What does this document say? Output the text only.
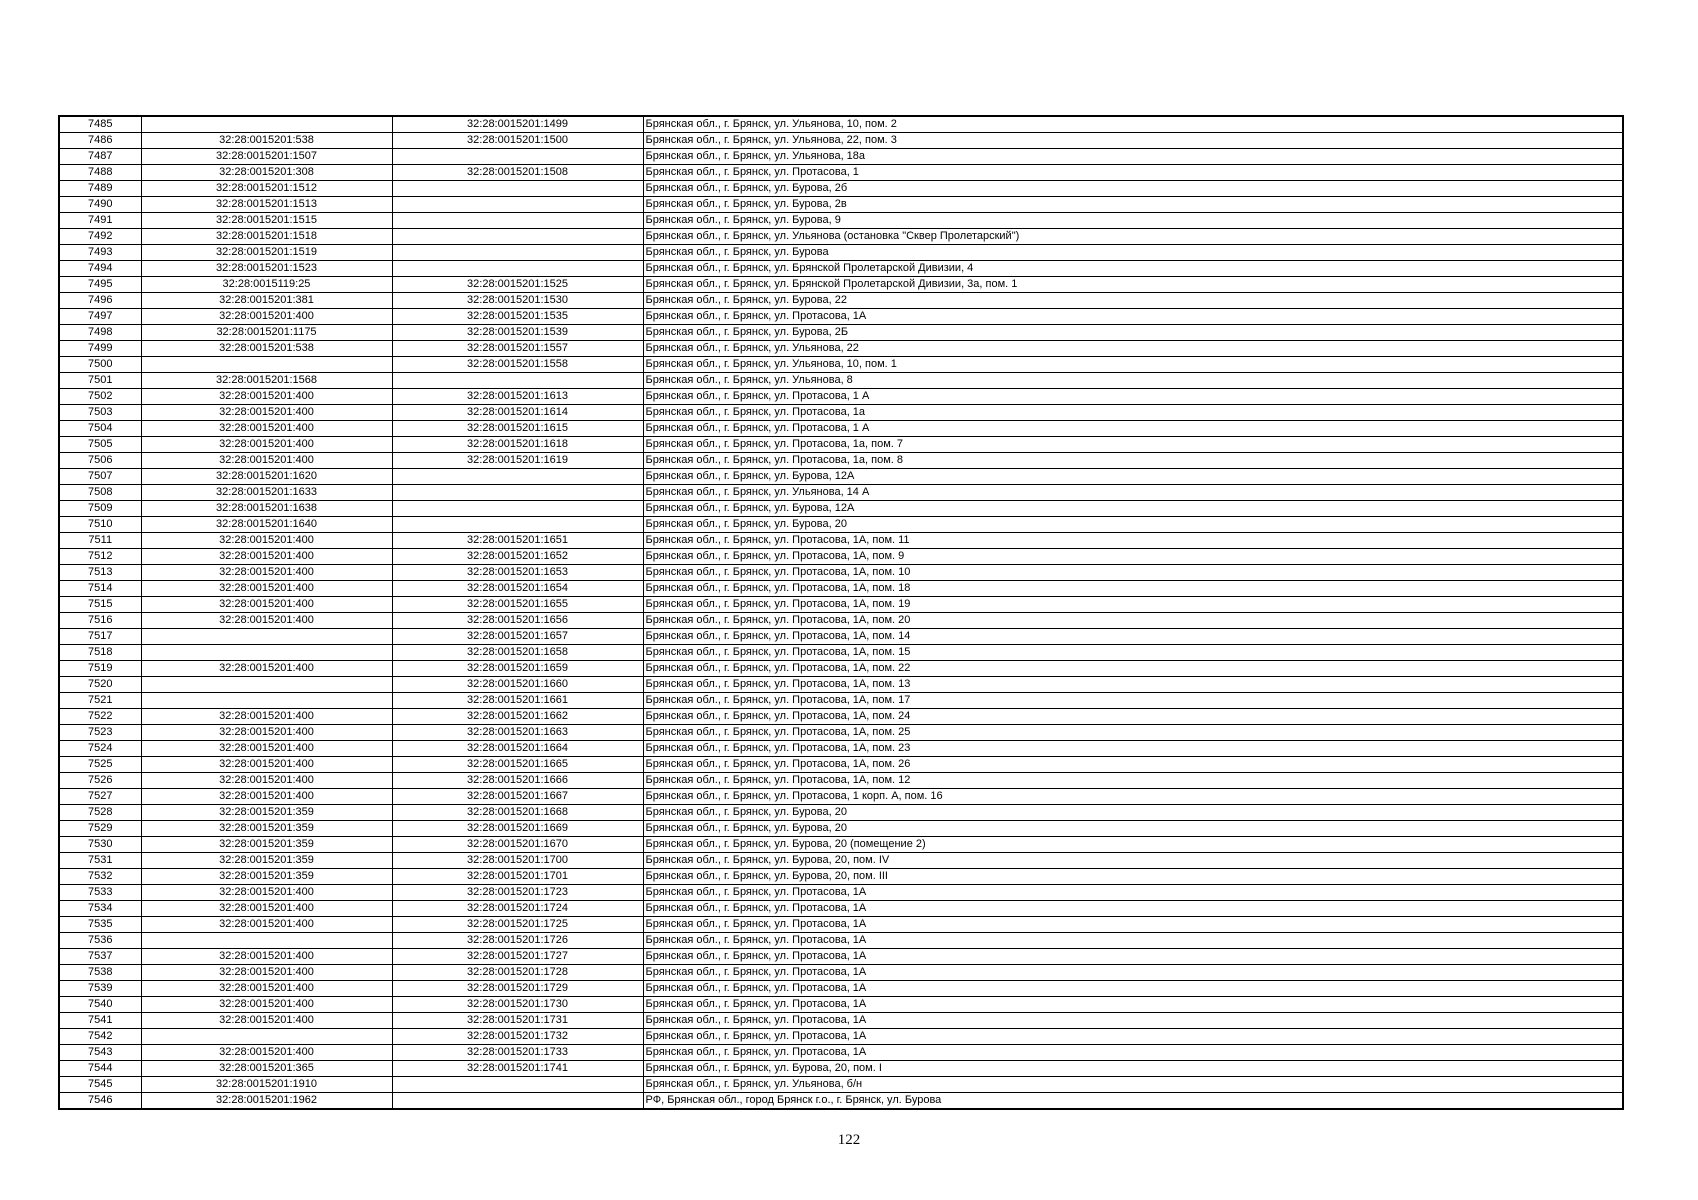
7485		32:28:0015201:1499	Брянская обл., г. Брянск, ул. Ульянова, 10, пом. 2
7486	32:28:0015201:538	32:28:0015201:1500	Брянская обл., г. Брянск, ул. Ульянова, 22, пом. 3
7487	32:28:0015201:1507		Брянская обл., г. Брянск, ул. Ульянова, 18а
7488	32:28:0015201:308	32:28:0015201:1508	Брянская обл., г. Брянск, ул. Протасова, 1
7489	32:28:0015201:1512		Брянская обл., г. Брянск, ул. Бурова, 2б
7490	32:28:0015201:1513		Брянская обл., г. Брянск, ул. Бурова, 2в
7491	32:28:0015201:1515		Брянская обл., г. Брянск, ул. Бурова, 9
7492	32:28:0015201:1518		Брянская обл., г. Брянск, ул. Ульянова (остановка "Сквер Пролетарский")
7493	32:28:0015201:1519		Брянская обл., г. Брянск, ул. Бурова
7494	32:28:0015201:1523		Брянская обл., г. Брянск, ул. Брянской Пролетарской Дивизии, 4
7495	32:28:0015119:25	32:28:0015201:1525	Брянская обл., г. Брянск, ул. Брянской Пролетарской Дивизии, 3а, пом. 1
7496	32:28:0015201:381	32:28:0015201:1530	Брянская обл., г. Брянск, ул. Бурова, 22
7497	32:28:0015201:400	32:28:0015201:1535	Брянская обл., г. Брянск, ул. Протасова, 1А
7498	32:28:0015201:1175	32:28:0015201:1539	Брянская обл., г. Брянск, ул. Бурова, 2Б
7499	32:28:0015201:538	32:28:0015201:1557	Брянская обл., г. Брянск, ул. Ульянова, 22
7500		32:28:0015201:1558	Брянская обл., г. Брянск, ул. Ульянова, 10, пом. 1
7501	32:28:0015201:1568		Брянская обл., г. Брянск, ул. Ульянова, 8
7502	32:28:0015201:400	32:28:0015201:1613	Брянская обл., г. Брянск, ул. Протасова, 1 А
7503	32:28:0015201:400	32:28:0015201:1614	Брянская обл., г. Брянск, ул. Протасова, 1а
7504	32:28:0015201:400	32:28:0015201:1615	Брянская обл., г. Брянск, ул. Протасова, 1 А
7505	32:28:0015201:400	32:28:0015201:1618	Брянская обл., г. Брянск, ул. Протасова, 1а, пом. 7
7506	32:28:0015201:400	32:28:0015201:1619	Брянская обл., г. Брянск, ул. Протасова, 1а, пом. 8
7507	32:28:0015201:1620		Брянская обл., г. Брянск, ул. Бурова, 12А
7508	32:28:0015201:1633		Брянская обл., г. Брянск, ул. Ульянова, 14 А
7509	32:28:0015201:1638		Брянская обл., г. Брянск, ул. Бурова, 12А
7510	32:28:0015201:1640		Брянская обл., г. Брянск, ул. Бурова, 20
7511	32:28:0015201:400	32:28:0015201:1651	Брянская обл., г. Брянск, ул. Протасова, 1А, пом. 11
7512	32:28:0015201:400	32:28:0015201:1652	Брянская обл., г. Брянск, ул. Протасова, 1А, пом. 9
7513	32:28:0015201:400	32:28:0015201:1653	Брянская обл., г. Брянск, ул. Протасова, 1А, пом. 10
7514	32:28:0015201:400	32:28:0015201:1654	Брянская обл., г. Брянск, ул. Протасова, 1А, пом. 18
7515	32:28:0015201:400	32:28:0015201:1655	Брянская обл., г. Брянск, ул. Протасова, 1А, пом. 19
7516	32:28:0015201:400	32:28:0015201:1656	Брянская обл., г. Брянск, ул. Протасова, 1А, пом. 20
7517		32:28:0015201:1657	Брянская обл., г. Брянск, ул. Протасова, 1А, пом. 14
7518		32:28:0015201:1658	Брянская обл., г. Брянск, ул. Протасова, 1А, пом. 15
7519	32:28:0015201:400	32:28:0015201:1659	Брянская обл., г. Брянск, ул. Протасова, 1А, пом. 22
7520		32:28:0015201:1660	Брянская обл., г. Брянск, ул. Протасова, 1А, пом. 13
7521		32:28:0015201:1661	Брянская обл., г. Брянск, ул. Протасова, 1А, пом. 17
7522	32:28:0015201:400	32:28:0015201:1662	Брянская обл., г. Брянск, ул. Протасова, 1А, пом. 24
7523	32:28:0015201:400	32:28:0015201:1663	Брянская обл., г. Брянск, ул. Протасова, 1А, пом. 25
7524	32:28:0015201:400	32:28:0015201:1664	Брянская обл., г. Брянск, ул. Протасова, 1А, пом. 23
7525	32:28:0015201:400	32:28:0015201:1665	Брянская обл., г. Брянск, ул. Протасова, 1А, пом. 26
7526	32:28:0015201:400	32:28:0015201:1666	Брянская обл., г. Брянск, ул. Протасова, 1А, пом. 12
7527	32:28:0015201:400	32:28:0015201:1667	Брянская обл., г. Брянск, ул. Протасова, 1 корп. А, пом. 16
7528	32:28:0015201:359	32:28:0015201:1668	Брянская обл., г. Брянск, ул. Бурова, 20
7529	32:28:0015201:359	32:28:0015201:1669	Брянская обл., г. Брянск, ул. Бурова, 20
7530	32:28:0015201:359	32:28:0015201:1670	Брянская обл., г. Брянск, ул. Бурова, 20 (помещение 2)
7531	32:28:0015201:359	32:28:0015201:1700	Брянская обл., г. Брянск, ул. Бурова, 20, пом. IV
7532	32:28:0015201:359	32:28:0015201:1701	Брянская обл., г. Брянск, ул. Бурова, 20, пом. III
7533	32:28:0015201:400	32:28:0015201:1723	Брянская обл., г. Брянск, ул. Протасова, 1А
7534	32:28:0015201:400	32:28:0015201:1724	Брянская обл., г. Брянск, ул. Протасова, 1А
7535	32:28:0015201:400	32:28:0015201:1725	Брянская обл., г. Брянск, ул. Протасова, 1А
7536		32:28:0015201:1726	Брянская обл., г. Брянск, ул. Протасова, 1А
7537	32:28:0015201:400	32:28:0015201:1727	Брянская обл., г. Брянск, ул. Протасова, 1А
7538	32:28:0015201:400	32:28:0015201:1728	Брянская обл., г. Брянск, ул. Протасова, 1А
7539	32:28:0015201:400	32:28:0015201:1729	Брянская обл., г. Брянск, ул. Протасова, 1А
7540	32:28:0015201:400	32:28:0015201:1730	Брянская обл., г. Брянск, ул. Протасова, 1А
7541	32:28:0015201:400	32:28:0015201:1731	Брянская обл., г. Брянск, ул. Протасова, 1А
7542		32:28:0015201:1732	Брянская обл., г. Брянск, ул. Протасова, 1А
7543	32:28:0015201:400	32:28:0015201:1733	Брянская обл., г. Брянск, ул. Протасова, 1А
7544	32:28:0015201:365	32:28:0015201:1741	Брянская обл., г. Брянск, ул. Бурова, 20, пом. I
7545	32:28:0015201:1910		Брянская обл., г. Брянск, ул. Ульянова, б/н
7546	32:28:0015201:1962		РФ, Брянская обл., город Брянск г.о., г. Брянск, ул. Бурова
122
